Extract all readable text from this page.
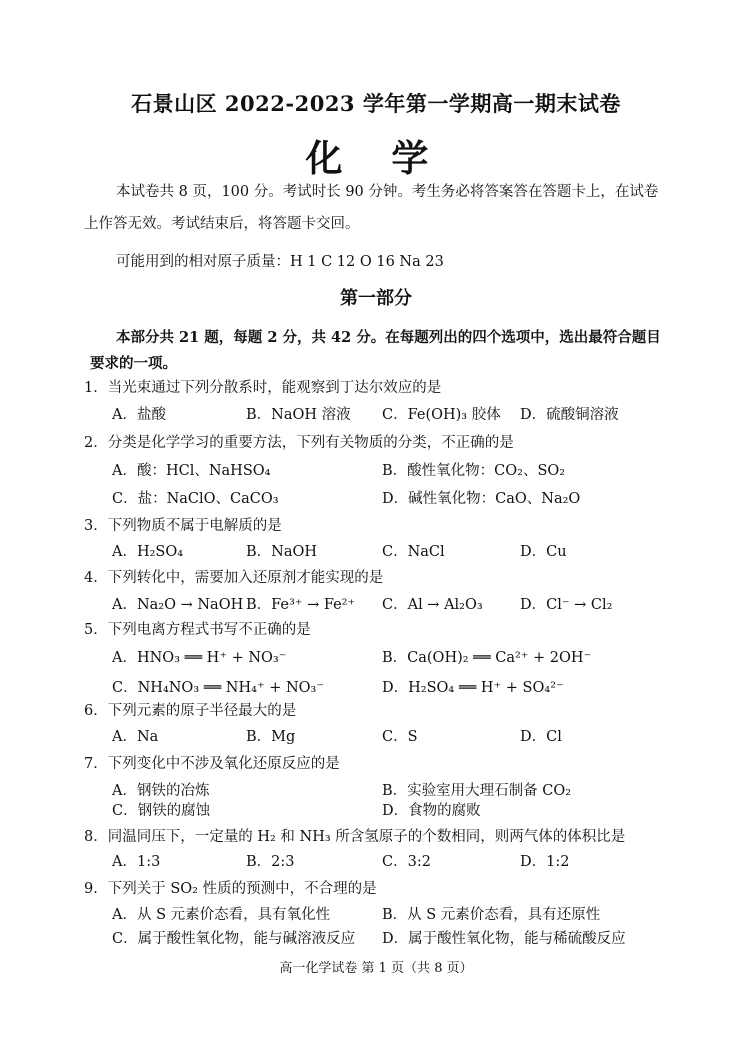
石景山区 2022-2023 学年第一学期高一期末试卷
化 学
本试卷共 8 页，100 分。考试时长 90 分钟。考生务必将答案答在答题卡上，在试卷
上作答无效。考试结束后，将答题卡交回。
可能用到的相对原子质量：H 1 C 12 O 16 Na 23
第一部分
本部分共 21 题，每题 2 分，共 42 分。在每题列出的四个选项中，选出最符合题目
要求的一项。
1．当光束通过下列分散系时，能观察到丁达尔效应的是
A．盐酸	B．NaOH 溶液 C．Fe(OH)₃ 胶体 D．硫酸铜溶液
2．分类是化学学习的重要方法，下列有关物质的分类，不正确的是
A．酸：HCl、NaHSO₄	B．酸性氧化物：CO₂、SO₂
C．盐：NaClO、CaCO₃	D．碱性氧化物：CaO、Na₂O
3．下列物质不属于电解质的是
A．H₂SO₄	B．NaOH	C．NaCl	D．Cu
4．下列转化中，需要加入还原剂才能实现的是
A．Na₂O → NaOH B．Fe³⁺ → Fe²⁺ C．Al → Al₂O₃	D．Cl⁻ → Cl₂
5．下列电离方程式书写不正确的是
A．HNO₃ ══ H⁺ + NO₃⁻	B．Ca(OH)₂ ══ Ca²⁺ + 2OH⁻
C．NH₄NO₃ ══ NH₄⁺ + NO₃⁻	D．H₂SO₄ ══ H⁺ + SO₄²⁻
6．下列元素的原子半径最大的是
A．Na	B．Mg	C．S	D．Cl
7．下列变化中不涉及氧化还原反应的是
A．钢铁的冶炼	B．实验室用大理石制备 CO₂
C．钢铁的腐蚀	D．食物的腐败
8．同温同压下，一定量的 H₂ 和 NH₃ 所含氢原子的个数相同，则两气体的体积比是
A．1:3	B．2:3	C．3:2	D．1:2
9．下列关于 SO₂ 性质的预测中，不合理的是
A．从 S 元素价态看，具有氧化性	B．从 S 元素价态看，具有还原性
C．属于酸性氧化物，能与碱溶液反应 D．属于酸性氧化物，能与稀硫酸反应
高一化学试卷 第 1 页（共 8 页）
